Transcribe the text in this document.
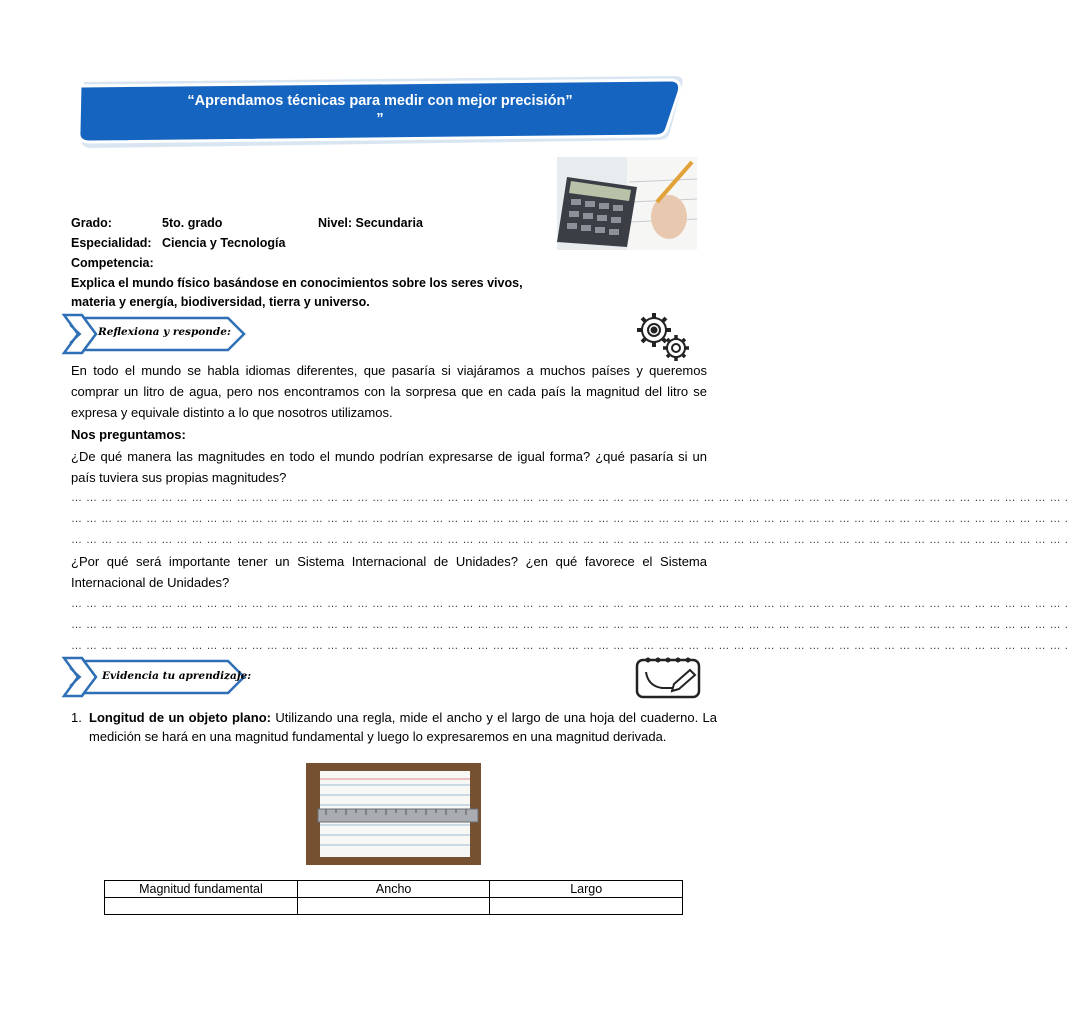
“Aprendamos técnicas para medir con mejor precisión”
”
Grado:	5to. grado	Nivel: Secundaria
Especialidad: Ciencia y Tecnología
Competencia:
Explica el mundo físico basándose en conocimientos sobre los seres vivos, materia y energía, biodiversidad, tierra y universo.
Reflexiona y responde:
En todo el mundo se habla idiomas diferentes, que pasaría si viajáramos a muchos países y queremos comprar un litro de agua, pero nos encontramos con la sorpresa que en cada país la magnitud del litro se expresa y equivale distinto a lo que nosotros utilizamos.
Nos preguntamos:
¿De qué manera las magnitudes en todo el mundo podrían expresarse de igual forma? ¿qué pasaría si un país tuviera sus propias magnitudes?
… … … … … … … … … … … … … … … … … … … … … … … … … … … … … … … … … … … … … … … … … … … … … … … … … … … … … … … … … … … … … … … … … … .
… … … … … … … … … … … … … … … … … … … … … … … … … … … … … … … … … … … … … … … … … … … … … … … … … … … … … … … … … … … … … … … … … … .
… … … … … … … … … … … … … … … … … … … … … … … … … … … … … … … … … … … … … … … … … … … … … … … … … … … … … … … … … … … … … … … … … … .
¿Por qué será importante tener un Sistema Internacional de Unidades? ¿en qué favorece el Sistema Internacional de Unidades?
… … … … … … … … … … … … … … … … … … … … … … … … … … … … … … … … … … … … … … … … … … … … … … … … … … … … … … … … … … … … … … … … … … .
… … … … … … … … … … … … … … … … … … … … … … … … … … … … … … … … … … … … … … … … … … … … … … … … … … … … … … … … … … … … … … … … … … .
… … … … … … … … … … … … … … … … … … … … … … … … … … … … … … … … … … … … … … … … … … … … … … … … … … … … … … … … … … … … … … … … … … .
Evidencia tu aprendizaje:
1. Longitud de un objeto plano: Utilizando una regla, mide el ancho y el largo de una hoja del cuaderno. La medición se hará en una magnitud fundamental y luego lo expresaremos en una magnitud derivada.
Magnitud fundamental	Ancho	Largo
